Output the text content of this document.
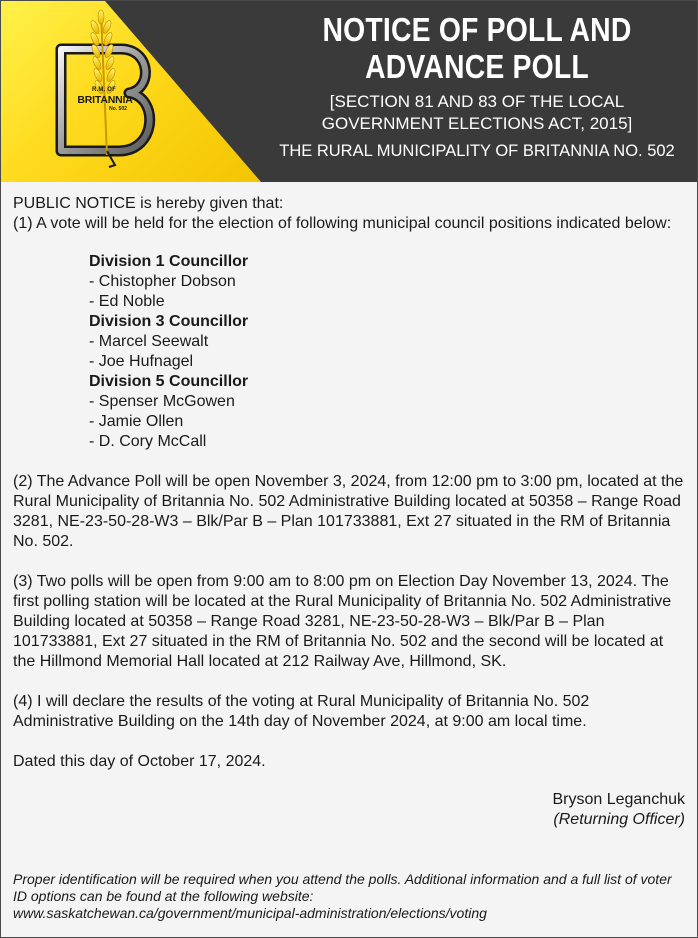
R.M. OF
BRITANNIA
No. 502
NOTICE OF POLL AND
ADVANCE POLL
[SECTION 81 AND 83 OF THE LOCAL
GOVERNMENT ELECTIONS ACT, 2015]
THE RURAL MUNICIPALITY OF BRITANNIA NO. 502

PUBLIC NOTICE is hereby given that:

(1) A vote will be held for the election of following municipal council positions indicated below:

Division 1 Councillor
- Chistopher Dobson
- Ed Noble
Division 3 Councillor
- Marcel Seewalt
- Joe Hufnagel
Division 5 Councillor
- Spenser McGowen
- Jamie Ollen
- D. Cory McCall

(2) The Advance Poll will be open November 3, 2024, from 12:00 pm to 3:00 pm, located at the Rural Municipality of Britannia No. 502 Administrative Building located at 50358 – Range Road 3281, NE-23-50-28-W3 – Blk/Par B – Plan 101733881, Ext 27 situated in the RM of Britannia No. 502.

(3) Two polls will be open from 9:00 am to 8:00 pm on Election Day November 13, 2024. The first polling station will be located at the Rural Municipality of Britannia No. 502 Administrative Building located at 50358 – Range Road 3281, NE-23-50-28-W3 – Blk/Par B – Plan 101733881, Ext 27 situated in the RM of Britannia No. 502 and the second will be located at the Hillmond Memorial Hall located at 212 Railway Ave, Hillmond, SK.

(4) I will declare the results of the voting at Rural Municipality of Britannia No. 502 Administrative Building on the 14th day of November 2024, at 9:00 am local time.

Dated this day of October 17, 2024.

Bryson Leganchuk
(Returning Officer)
Proper identification will be required when you attend the polls. Additional information and a full list of voter ID options can be found at the following website:
www.saskatchewan.ca/government/municipal-administration/elections/voting
